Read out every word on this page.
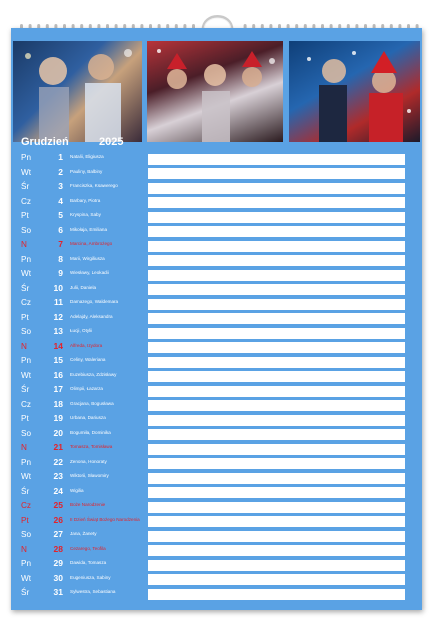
Grudzień	2025
Pn	1 Natalii, Eligiusza
Wt	2 Pauliny, Balbiny
Śr	3 Franciszka, Ksawerego
Cz	4 Barbary, Piotra
Pt	5 Kryspina, Saby
So	6 Mikołaja, Emiliana
N	7 Marcina, Ambrożego
Pn	8 Marii, Wirgiliusza
Wt	9 Wiesławy, Leokadii
Śr	10 Julii, Daniela
Cz	11 Damazego, Waldemara
Pt	12 Adelajdy, Aleksandra
So	13 Łucji, Otylii
N	14 Alfreda, Izydora
Pn	15 Celiny, Waleriana
Wt	16 Euzebiusza, Zdzisławy
Śr	17 Olimpii, Łazarza
Cz	18 Gracjana, Bogusława
Pt	19 Urbana, Dariusza
So	20 Bogumiła, Dominika
N	21 Tomasza, Tomisława
Pn	22 Zenona, Honoraty
Wt	23 Wiktorii, Sławomiry
Śr	24 Wigilia
Cz	25 Boże Narodzenie
Pt	26 II Dzień Świąt Bożego Narodzenia
So	27 Jana, Żanety
N	28 Cezarego, Teofila
Pn	29 Dawida, Tomasza
Wt	30 Eugeniusza, Sabiny
Śr	31 Sylwestra, Sebastiana
